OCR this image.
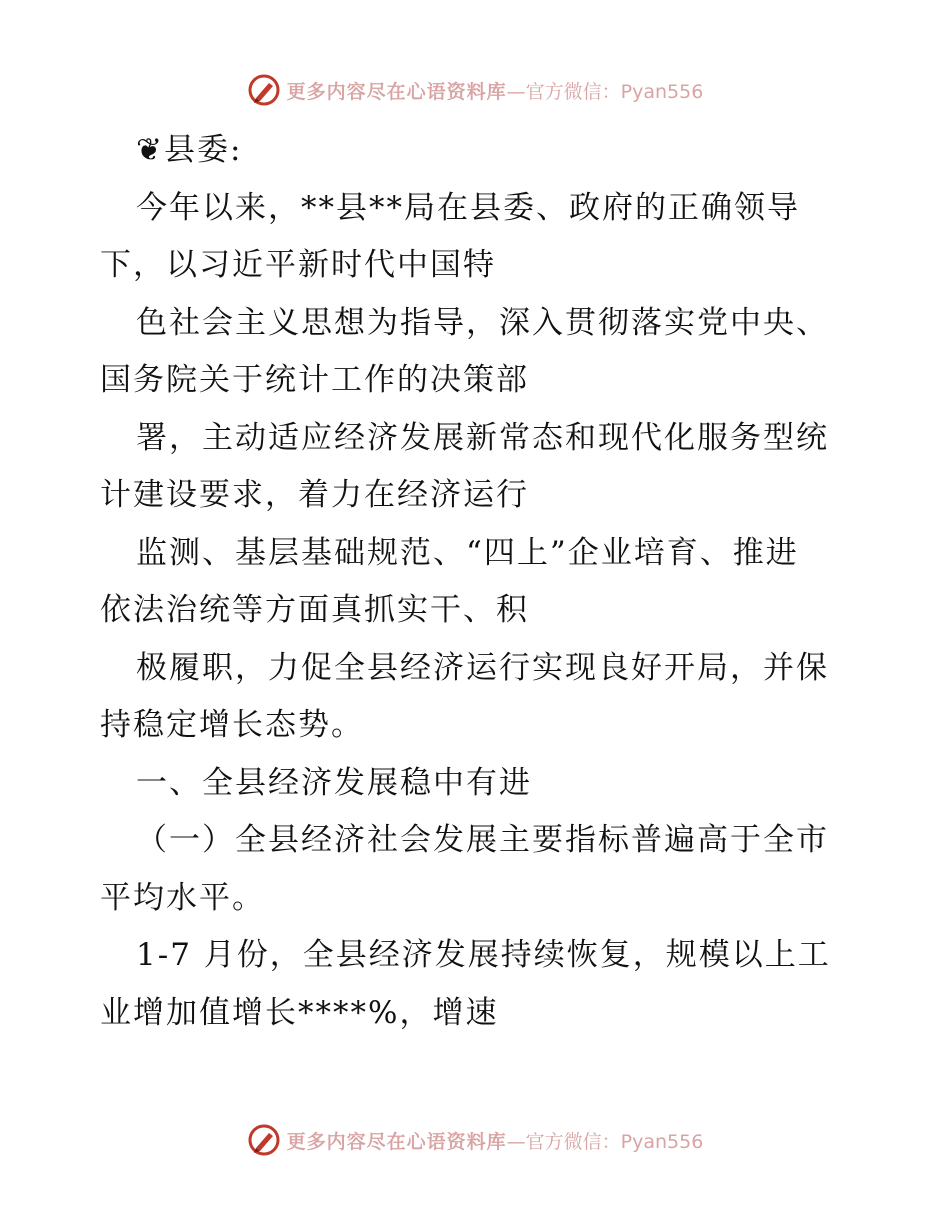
更多内容尽在心语资料库 —官方微信：Pyan556
❦县委:
今年以来，**县**局在县委、政府的正确领导
下，以习近平新时代中国特
色社会主义思想为指导，深入贯彻落实党中央、
国务院关于统计工作的决策部
署，主动适应经济发展新常态和现代化服务型统
计建设要求，着力在经济运行
监测、基层基础规范、“四上”企业培育、推进
依法治统等方面真抓实干、积
极履职，力促全县经济运行实现良好开局，并保
持稳定增长态势。
一、全县经济发展稳中有进
（一）全县经济社会发展主要指标普遍高于全市
平均水平。
1-7 月份，全县经济发展持续恢复，规模以上工
业增加值增长****%，增速
更多内容尽在心语资料库 —官方微信：Pyan556
